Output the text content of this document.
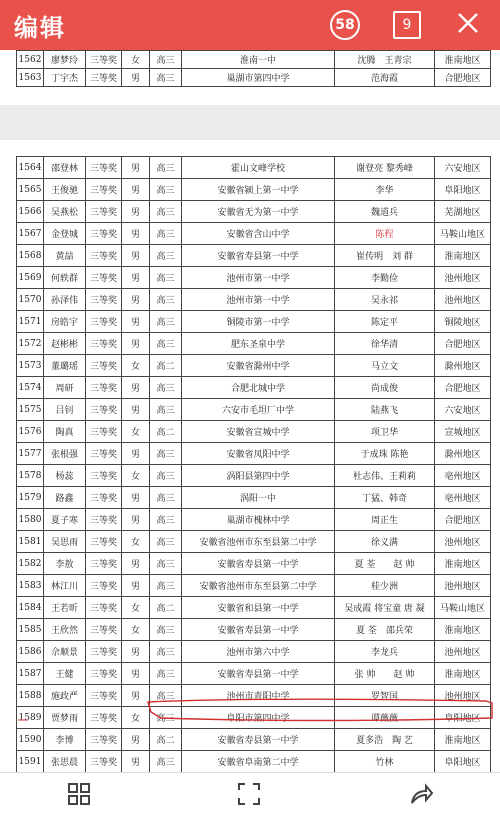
编辑	58	9
1562	廖梦玲	三等奖	女	高三	淮南一中	沈腾　王青宗	淮南地区
1563	丁宇杰	三等奖	男	高三	巢湖市第四中学	范海霞	合肥地区
1564	邵登林	三等奖	男	高三	霍山文峰学校	谢登亮 黎秀峰	六安地区
1565	王俊驰	三等奖	男	高三	安徽省颍上第一中学	李华	阜阳地区
1566	吴燕松	三等奖	男	高三	安徽省无为第一中学	魏道兵	芜湖地区
1567	金登城	三等奖	男	高三	安徽省含山中学	陈程	马鞍山地区
1568	黄喆	三等奖	男	高三	安徽省寿县第一中学	崔传明　刘 群	淮南地区
1569	何轶群	三等奖	男	高三	池州市第一中学	李勤俭	池州地区
1570	孙泽伟	三等奖	男	高三	池州市第一中学	吴永祁	池州地区
1571	房皓宇	三等奖	男	高三	铜陵市第一中学	陈定平	铜陵地区
1572	赵彬彬	三等奖	男	高三	肥东圣泉中学	徐华清	合肥地区
1573	董璐瑶	三等奖	女	高二	安徽省滁州中学	马立文	滁州地区
1574	周研	三等奖	男	高三	合肥北城中学	尚成俊	合肥地区
1575	吕钊	三等奖	男	高三	六安市毛坦厂中学	陆燕飞	六安地区
1576	陶真	三等奖	女	高二	安徽省宣城中学	项卫华	宣城地区
1577	张根强	三等奖	男	高三	安徽省凤阳中学	于成珠 陈艳	滁州地区
1578	杨蕊	三等奖	女	高三	涡阳县第四中学	杜志伟、王莉莉	亳州地区
1579	路鑫	三等奖	男	高三	涡阳一中	丁猛、韩奇	亳州地区
1580	夏子寒	三等奖	男	高三	巢湖市槐林中学	周正生	合肥地区
1581	吴思雨	三等奖	女	高三	安徽省池州市东至县第二中学	徐义满	池州地区
1582	李敖	三等奖	男	高三	安徽省寿县第一中学	夏 荃　　赵 帅	淮南地区
1583	林江川	三等奖	男	高三	安徽省池州市东至县第二中学	桂少洲	池州地区
1584	王若昕	三等奖	女	高二	安徽省和县第一中学	吴成霞 将宝童 唐 凝	马鞍山地区
1585	王欣然	三等奖	女	高三	安徽省寿县第一中学	夏 荃　邵兵荣	淮南地区
1586	佘顺景	三等奖	男	高三	池州市第六中学	李龙兵	池州地区
1587	王健	三等奖	男	高三	安徽省寿县第一中学	张 帅　　赵 帅	淮南地区
1588	施政严	三等奖	男	高三	池州市青阳中学	罗智国	池州地区
1589	贾梦雨	三等奖	女	高三	阜阳市第四中学	谭薇薇	阜阳地区
1590	李博	三等奖	男	高二	安徽省寿县第一中学	夏多浩　陶 艺	淮南地区
1591	张思晨	三等奖	男	高三	安徽省阜南第二中学	竹林	阜阳地区
